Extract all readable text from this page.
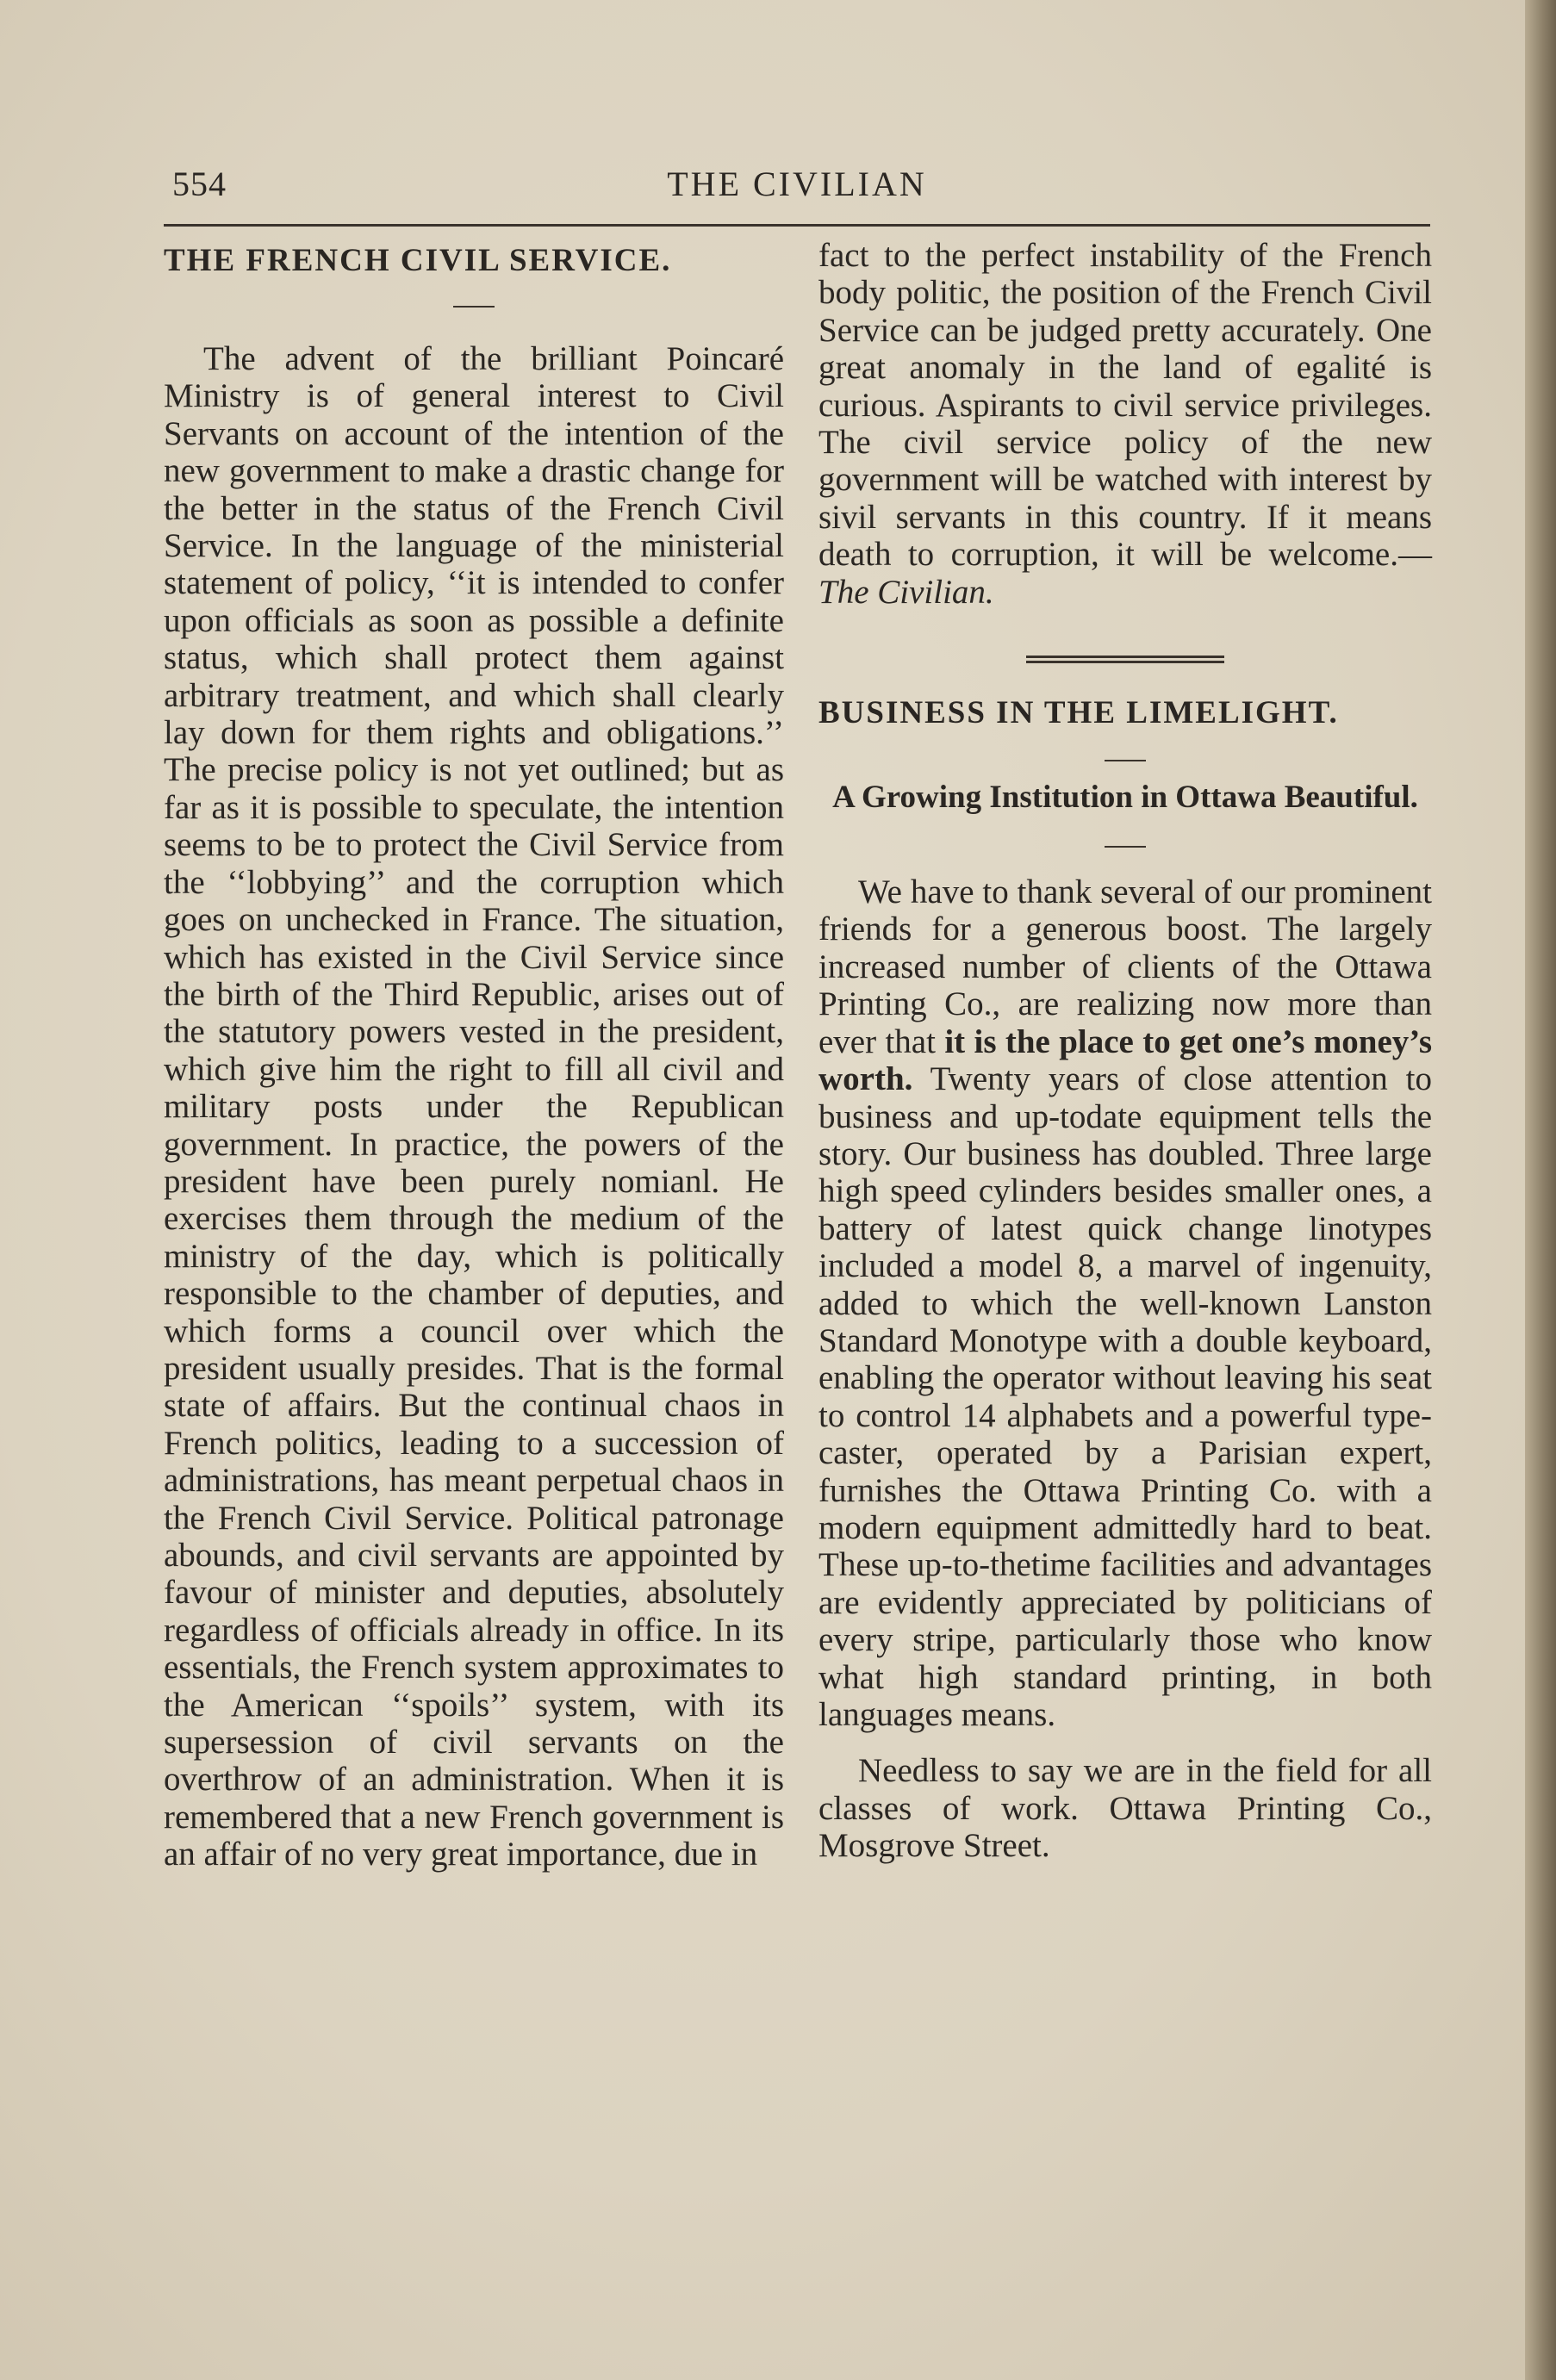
554	THE CIVILIAN
THE FRENCH CIVIL SERVICE.

The advent of the brilliant Poincaré Ministry is of general interest to Civil Servants on account of the intention of the new government to make a drastic change for the better in the status of the French Civil Service. In the language of the ministerial statement of policy, ‘‘it is intended to confer upon officials as soon as possible a definite status, which shall protect them against arbitrary treatment, and which shall clearly lay down for them rights and obligations.’’ The precise policy is not yet outlined; but as far as it is possible to speculate, the intention seems to be to protect the Civil Service from the ‘‘lobbying’’ and the corruption which goes on unchecked in France. The situation, which has existed in the Civil Service since the birth of the Third Republic, arises out of the statutory powers vested in the president, which give him the right to fill all civil and military posts under the Republican government. In practice, the powers of the president have been purely nomianl. He exercises them through the medium of the ministry of the day, which is politically responsible to the chamber of deputies, and which forms a council over which the president usually presides. That is the formal state of affairs. But the continual chaos in French politics, leading to a succession of administrations, has meant perpetual chaos in the French Civil Service. Political patronage abounds, and civil servants are appointed by favour of minister and deputies, absolutely regardless of officials already in office. In its essentials, the French system approximates to the American ‘‘spoils’’ system, with its supersession of civil servants on the overthrow of an administration. When it is remembered that a new French government is an affair of no very great importance, due in

fact to the perfect instability of the French body politic, the position of the French Civil Service can be judged pretty accurately. One great anomaly in the land of egalité is curious. Aspirants to civil service privileges. The civil service policy of the new government will be watched with interest by sivil servants in this country. If it means death to corruption, it will be welcome.—The Civilian.

BUSINESS IN THE LIMELIGHT.

A Growing Institution in Ottawa Beautiful.

We have to thank several of our prominent friends for a generous boost. The largely increased number of clients of the Ottawa Printing Co., are realizing now more than ever that it is the place to get one’s money’s worth. Twenty years of close attention to business and up-todate equipment tells the story. Our business has doubled. Three large high speed cylinders besides smaller ones, a battery of latest quick change linotypes included a model 8, a marvel of ingenuity, added to which the well-known Lanston Standard Monotype with a double keyboard, enabling the operator without leaving his seat to control 14 alphabets and a powerful type-caster, operated by a Parisian expert, furnishes the Ottawa Printing Co. with a modern equipment admittedly hard to beat. These up-to-thetime facilities and advantages are evidently appreciated by politicians of every stripe, particularly those who know what high standard printing, in both languages means.

Needless to say we are in the field for all classes of work. Ottawa Printing Co., Mosgrove Street.
